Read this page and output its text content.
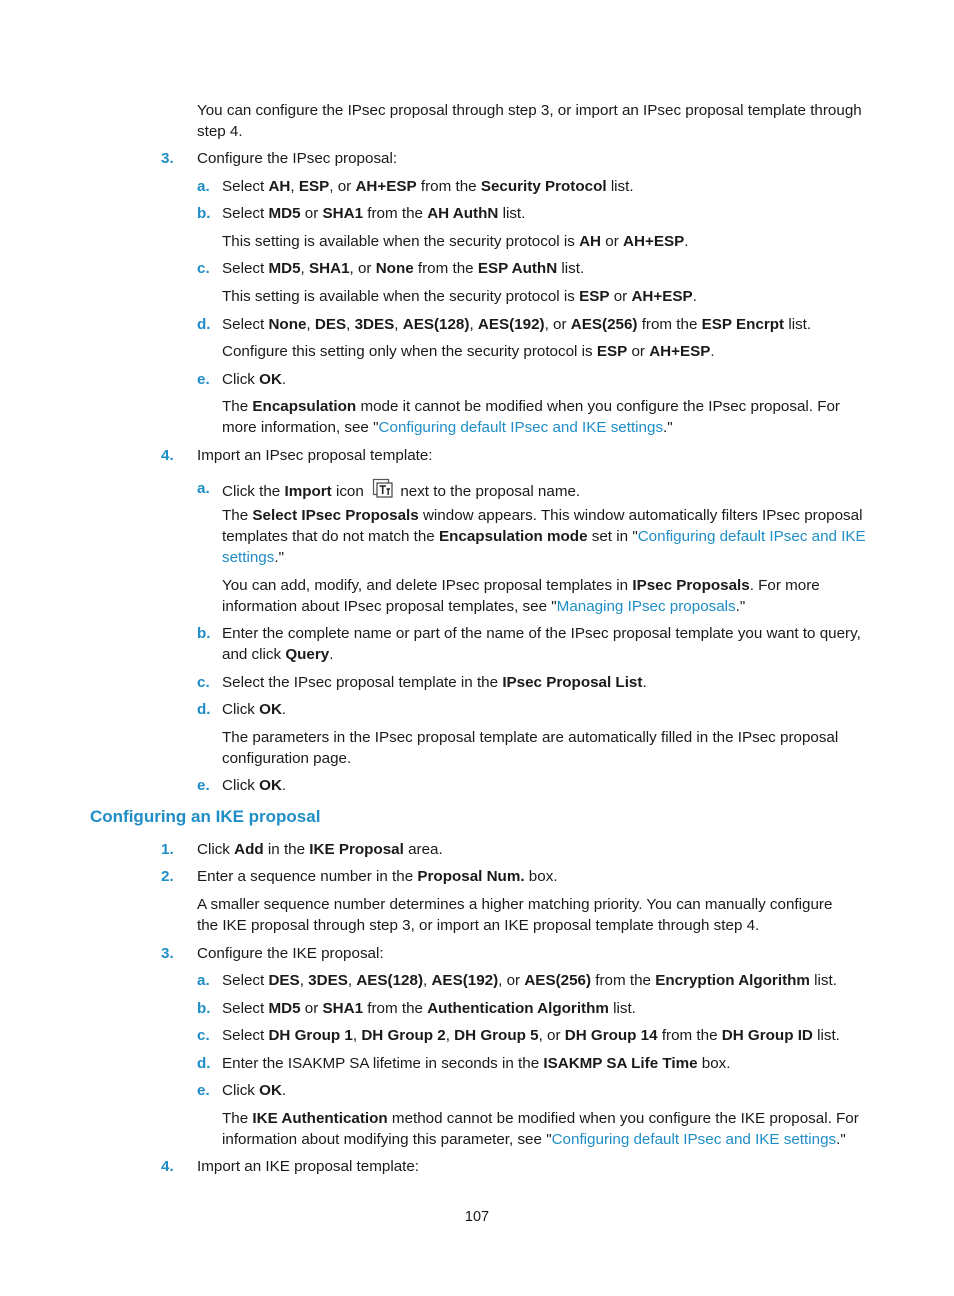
You can configure the IPsec proposal through step 3, or import an IPsec proposal template through
step 4.
3. Configure the IPsec proposal:
a. Select AH, ESP, or AH+ESP from the Security Protocol list.
b. Select MD5 or SHA1 from the AH AuthN list.
This setting is available when the security protocol is AH or AH+ESP.
c. Select MD5, SHA1, or None from the ESP AuthN list.
This setting is available when the security protocol is ESP or AH+ESP.
d. Select None, DES, 3DES, AES(128), AES(192), or AES(256) from the ESP Encrpt list.
Configure this setting only when the security protocol is ESP or AH+ESP.
e. Click OK.
The Encapsulation mode it cannot be modified when you configure the IPsec proposal. For
more information, see "Configuring default IPsec and IKE settings."
4. Import an IPsec proposal template:
a. Click the Import icon next to the proposal name.
The Select IPsec Proposals window appears. This window automatically filters IPsec proposal
templates that do not match the Encapsulation mode set in "Configuring default IPsec and IKE
settings."
You can add, modify, and delete IPsec proposal templates in IPsec Proposals. For more
information about IPsec proposal templates, see "Managing IPsec proposals."
b. Enter the complete name or part of the name of the IPsec proposal template you want to query,
and click Query.
c. Select the IPsec proposal template in the IPsec Proposal List.
d. Click OK.
The parameters in the IPsec proposal template are automatically filled in the IPsec proposal
configuration page.
e. Click OK.
Configuring an IKE proposal
1. Click Add in the IKE Proposal area.
2. Enter a sequence number in the Proposal Num. box.
A smaller sequence number determines a higher matching priority. You can manually configure
the IKE proposal through step 3, or import an IKE proposal template through step 4.
3. Configure the IKE proposal:
a. Select DES, 3DES, AES(128), AES(192), or AES(256) from the Encryption Algorithm list.
b. Select MD5 or SHA1 from the Authentication Algorithm list.
c. Select DH Group 1, DH Group 2, DH Group 5, or DH Group 14 from the DH Group ID list.
d. Enter the ISAKMP SA lifetime in seconds in the ISAKMP SA Life Time box.
e. Click OK.
The IKE Authentication method cannot be modified when you configure the IKE proposal. For
information about modifying this parameter, see "Configuring default IPsec and IKE settings."
4. Import an IKE proposal template:
107
